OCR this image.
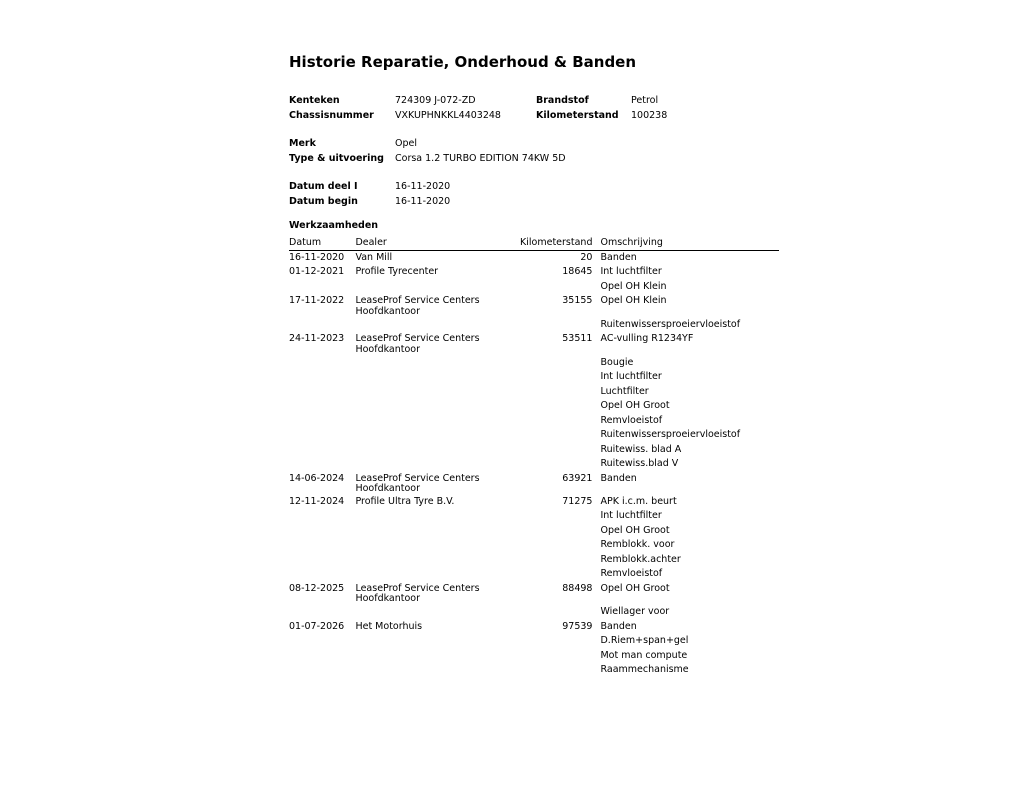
Historie Reparatie, Onderhoud & Banden
Kenteken	724309 J-072-ZD	Brandstof	Petrol
Chassisnummer	VXKUPHNKKL4403248	Kilometerstand	100238
Merk	Opel
Type & uitvoering	Corsa 1.2 TURBO EDITION 74KW 5D
Datum deel I	16-11-2020
Datum begin	16-11-2020
Werkzaamheden
Datum	Dealer	Kilometerstand Omschrijving
16-11-2020	Van Mill	20 Banden
01-12-2021	Profile Tyrecenter	18645 Int luchtfilter
Opel OH Klein
17-11-2022	LeaseProf Service Centers
Hoofdkantoor
35155 Opel OH Klein
Ruitenwissersproeiervloeistof
24-11-2023	LeaseProf Service Centers
Hoofdkantoor
53511 AC-vulling R1234YF
Bougie
Int luchtfilter
Luchtfilter
Opel OH Groot
Remvloeistof
Ruitenwissersproeiervloeistof
Ruitewiss. blad A
Ruitewiss.blad V
14-06-2024	LeaseProf Service Centers
Hoofdkantoor
63921 Banden
12-11-2024	Profile Ultra Tyre B.V.	71275 APK i.c.m. beurt
Int luchtfilter
Opel OH Groot
Remblokk. voor
Remblokk.achter
Remvloeistof
08-12-2025	LeaseProf Service Centers
Hoofdkantoor
88498 Opel OH Groot
Wiellager voor
01-07-2026	Het Motorhuis	97539 Banden
D.Riem+span+gel
Mot man compute
Raammechanisme
